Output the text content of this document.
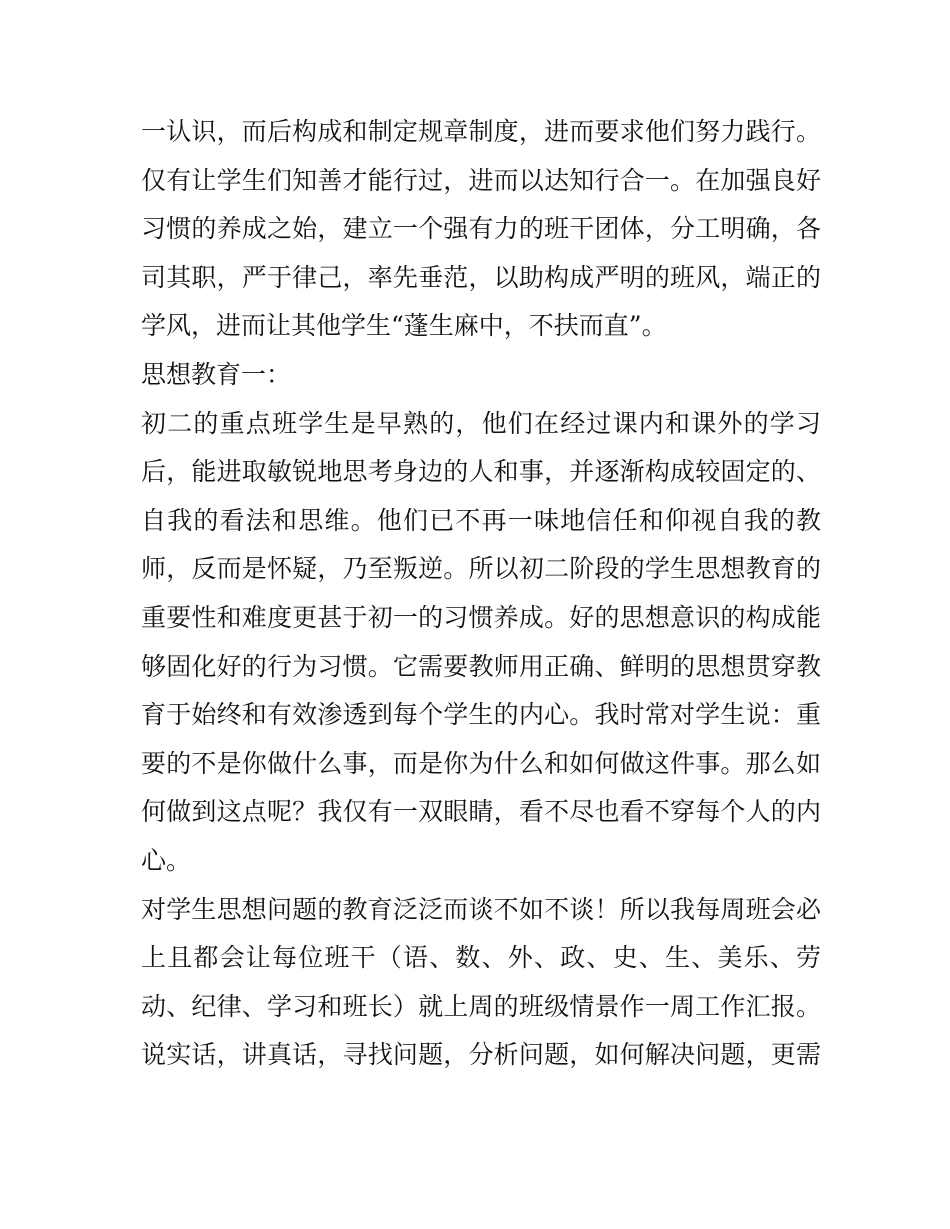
一认识，而后构成和制定规章制度，进而要求他们努力践行。
仅有让学生们知善才能行过，进而以达知行合一。在加强良好
习惯的养成之始，建立一个强有力的班干团体，分工明确，各
司其职，严于律己，率先垂范，以助构成严明的班风，端正的
学风，进而让其他学生“蓬生麻中，不扶而直”。
思想教育一：
初二的重点班学生是早熟的，他们在经过课内和课外的学习
后，能进取敏锐地思考身边的人和事，并逐渐构成较固定的、
自我的看法和思维。他们已不再一味地信任和仰视自我的教
师，反而是怀疑，乃至叛逆。所以初二阶段的学生思想教育的
重要性和难度更甚于初一的习惯养成。好的思想意识的构成能
够固化好的行为习惯。它需要教师用正确、鲜明的思想贯穿教
育于始终和有效渗透到每个学生的内心。我时常对学生说：重
要的不是你做什么事，而是你为什么和如何做这件事。那么如
何做到这点呢？我仅有一双眼睛，看不尽也看不穿每个人的内
心。
对学生思想问题的教育泛泛而谈不如不谈！所以我每周班会必
上且都会让每位班干（语、数、外、政、史、生、美乐、劳
动、纪律、学习和班长）就上周的班级情景作一周工作汇报。
说实话，讲真话，寻找问题，分析问题，如何解决问题，更需
